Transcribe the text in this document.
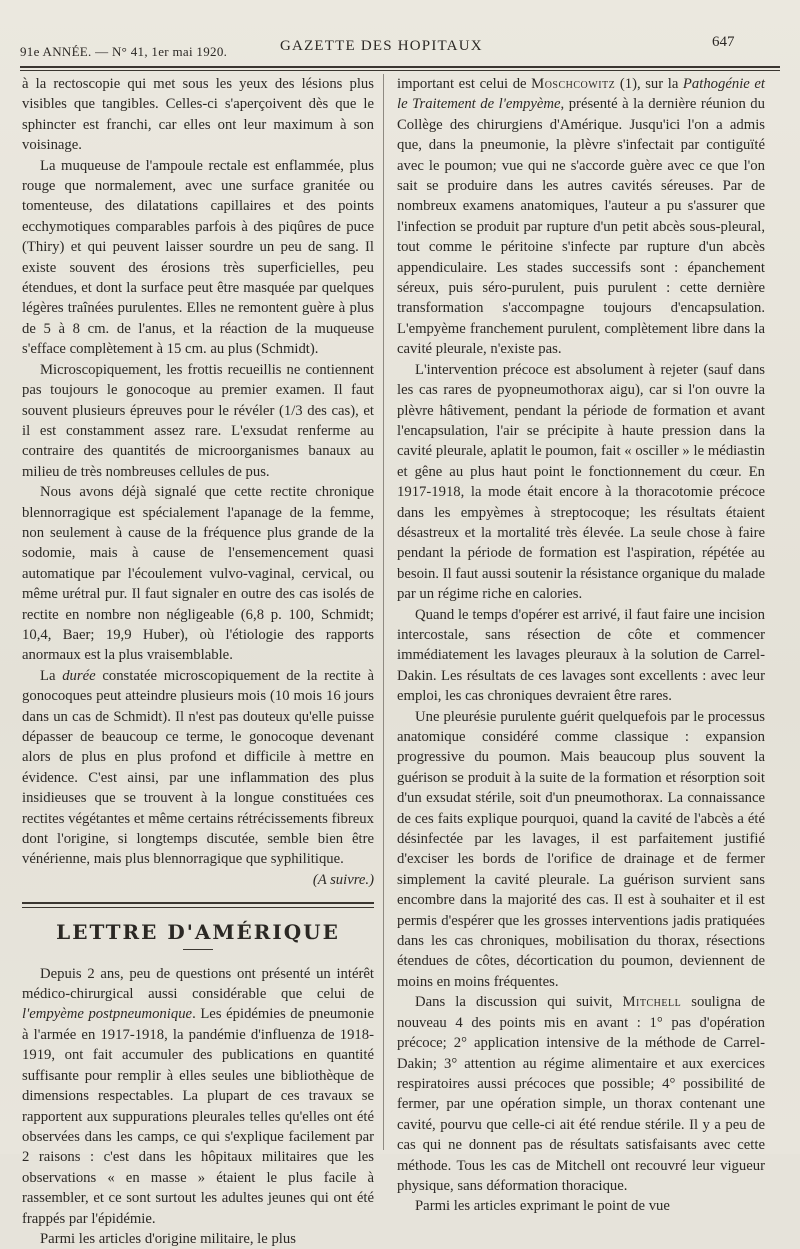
91e ANNÉE. — N° 41, 1er mai 1920.	GAZETTE DES HOPITAUX	647

à la rectoscopie qui met sous les yeux des lésions plus visibles que tangibles. Celles-ci s'aperçoivent dès que le sphincter est franchi, car elles ont leur maximum à son voisinage.

La muqueuse de l'ampoule rectale est enflammée, plus rouge que normalement, avec une surface granitée ou tomenteuse, des dilatations capillaires et des points ecchymotiques comparables parfois à des piqûres de puce (Thiry) et qui peuvent laisser sourdre un peu de sang. Il existe souvent des érosions très superficielles, peu étendues, et dont la surface peut être masquée par quelques légères traînées purulentes. Elles ne remontent guère à plus de 5 à 8 cm. de l'anus, et la réaction de la muqueuse s'efface complètement à 15 cm. au plus (Schmidt).

Microscopiquement, les frottis recueillis ne contiennent pas toujours le gonocoque au premier examen. Il faut souvent plusieurs épreuves pour le révéler (1/3 des cas), et il est constamment assez rare. L'exsudat renferme au contraire des quantités de microorganismes banaux au milieu de très nombreuses cellules de pus.

Nous avons déjà signalé que cette rectite chronique blennorragique est spécialement l'apanage de la femme, non seulement à cause de la fréquence plus grande de la sodomie, mais à cause de l'ensemencement quasi automatique par l'écoulement vulvo-vaginal, cervical, ou même urétral pur. Il faut signaler en outre des cas isolés de rectite en nombre non négligeable (6,8 p. 100, Schmidt; 10,4, Baer; 19,9 Huber), où l'étiologie des rapports anormaux est la plus vraisemblable.

La durée constatée microscopiquement de la rectite à gonocoques peut atteindre plusieurs mois (10 mois 16 jours dans un cas de Schmidt). Il n'est pas douteux qu'elle puisse dépasser de beaucoup ce terme, le gonocoque devenant alors de plus en plus profond et difficile à mettre en évidence. C'est ainsi, par une inflammation des plus insidieuses que se trouvent à la longue constituées ces rectites végétantes et même certains rétrécissements fibreux dont l'origine, si longtemps discutée, semble bien être vénérienne, mais plus blennorragique que syphilitique.

(A suivre.)

LETTRE D'AMÉRIQUE

Depuis 2 ans, peu de questions ont présenté un intérêt médico-chirurgical aussi considérable que celui de l'empyème postpneumonique. Les épidémies de pneumonie à l'armée en 1917-1918, la pandémie d'influenza de 1918-1919, ont fait accumuler des publications en quantité suffisante pour remplir à elles seules une bibliothèque de dimensions respectables. La plupart de ces travaux se rapportent aux suppurations pleurales telles qu'elles ont été observées dans les camps, ce qui s'explique facilement par 2 raisons : c'est dans les hôpitaux militaires que les observations « en masse » étaient le plus facile à rassembler, et ce sont surtout les adultes jeunes qui ont été frappés par l'épidémie.

Parmi les articles d'origine militaire, le plus

important est celui de Moschcowitz (1), sur la Pathogénie et le Traitement de l'empyème, présenté à la dernière réunion du Collège des chirurgiens d'Amérique. Jusqu'ici l'on a admis que, dans la pneumonie, la plèvre s'infectait par contiguïté avec le poumon; vue qui ne s'accorde guère avec ce que l'on sait se produire dans les autres cavités séreuses. Par de nombreux examens anatomiques, l'auteur a pu s'assurer que l'infection se produit par rupture d'un petit abcès sous-pleural, tout comme le péritoine s'infecte par rupture d'un abcès appendiculaire. Les stades successifs sont : épanchement séreux, puis séro-purulent, puis purulent : cette dernière transformation s'accompagne toujours d'encapsulation. L'empyème franchement purulent, complètement libre dans la cavité pleurale, n'existe pas.

L'intervention précoce est absolument à rejeter (sauf dans les cas rares de pyopneumothorax aigu), car si l'on ouvre la plèvre hâtivement, pendant la période de formation et avant l'encapsulation, l'air se précipite à haute pression dans la cavité pleurale, aplatit le poumon, fait « osciller » le médiastin et gêne au plus haut point le fonctionnement du cœur. En 1917-1918, la mode était encore à la thoracotomie précoce dans les empyèmes à streptocoque; les résultats étaient désastreux et la mortalité très élevée. La seule chose à faire pendant la période de formation est l'aspiration, répétée au besoin. Il faut aussi soutenir la résistance organique du malade par un régime riche en calories.

Quand le temps d'opérer est arrivé, il faut faire une incision intercostale, sans résection de côte et commencer immédiatement les lavages pleuraux à la solution de Carrel-Dakin. Les résultats de ces lavages sont excellents : avec leur emploi, les cas chroniques devraient être rares.

Une pleurésie purulente guérit quelquefois par le processus anatomique considéré comme classique : expansion progressive du poumon. Mais beaucoup plus souvent la guérison se produit à la suite de la formation et résorption soit d'un exsudat stérile, soit d'un pneumothorax. La connaissance de ces faits explique pourquoi, quand la cavité de l'abcès a été désinfectée par les lavages, il est parfaitement justifié d'exciser les bords de l'orifice de drainage et de fermer simplement la cavité pleurale. La guérison survient sans encombre dans la majorité des cas. Il est à souhaiter et il est permis d'espérer que les grosses interventions jadis pratiquées dans les cas chroniques, mobilisation du thorax, résections étendues de côtes, décortication du poumon, deviennent de moins en moins fréquentes.

Dans la discussion qui suivit, Mitchell souligna de nouveau 4 des points mis en avant : 1° pas d'opération précoce; 2° application intensive de la méthode de Carrel-Dakin; 3° attention au régime alimentaire et aux exercices respiratoires aussi précoces que possible; 4° possibilité de fermer, par une opération simple, un thorax contenant une cavité, pourvu que celle-ci ait été rendue stérile. Il y a peu de cas qui ne donnent pas de résultats satisfaisants avec cette méthode. Tous les cas de Mitchell ont recouvré leur vigueur physique, sans déformation thoracique.

Parmi les articles exprimant le point de vue
